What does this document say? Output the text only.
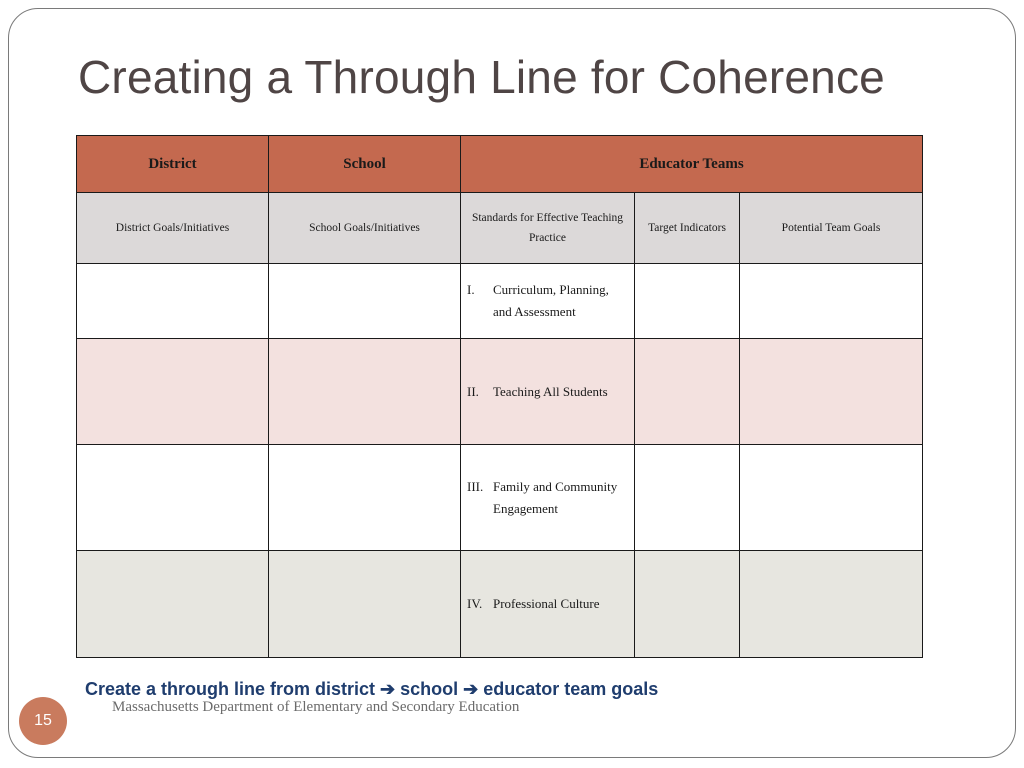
Creating a Through Line for Coherence
District	School	Educator Teams		
District Goals/Initiatives	School Goals/Initiatives	Standards for Effective Teaching Practice	Target Indicators	Potential Team Goals

		I. Curriculum, Planning, and Assessment		

		II. Teaching All Students		

		III. Family and Community Engagement		

		IV. Professional Culture		

Create a through line from district ➔ school ➔ educator team goals
Massachusetts Department of Elementary and Secondary Education
15
